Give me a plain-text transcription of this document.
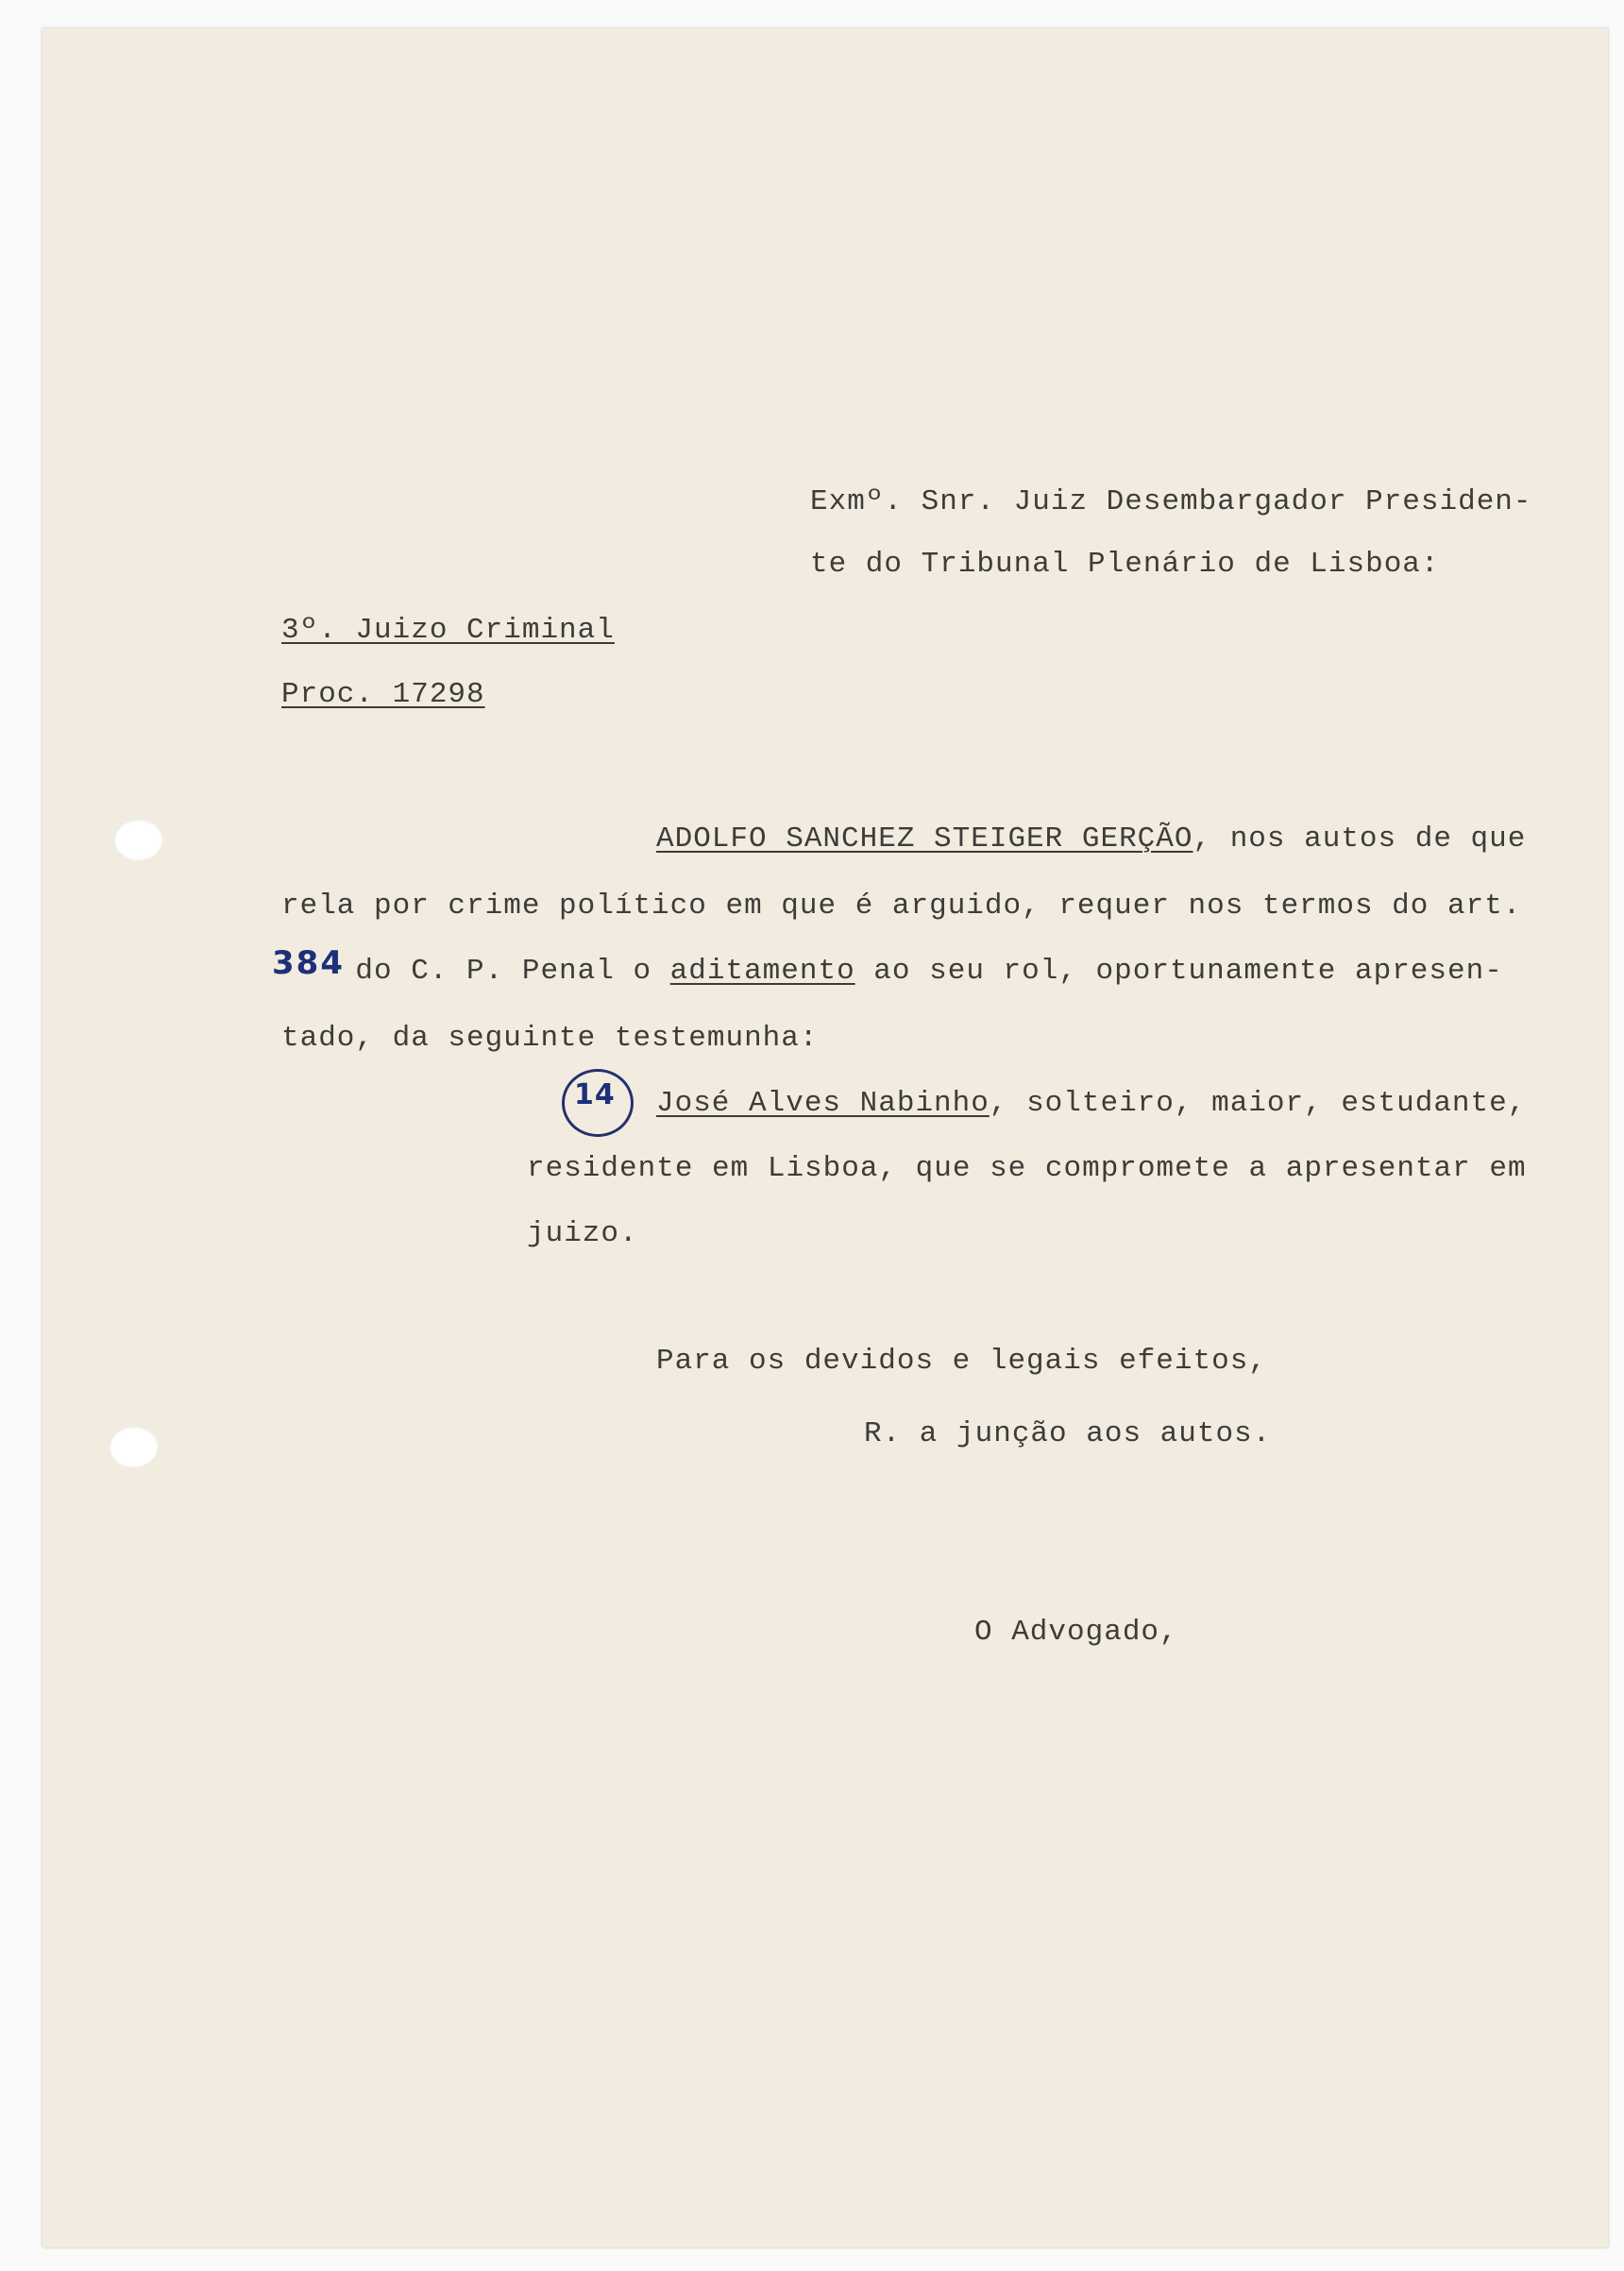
Exmº. Snr. Juiz Desembargador Presiden-
te do Tribunal Plenário de Lisboa:
3º. Juizo Criminal
Proc. 17298
ADOLFO SANCHEZ STEIGER GERÇÃO, nos autos de que
rela por crime político em que é arguido, requer nos termos do art.
do C. P. Penal o aditamento ao seu rol, oportunamente apresen-
384
tado, da seguinte testemunha:
14 José Alves Nabinho, solteiro, maior, estudante,
residente em Lisboa, que se compromete a apresentar em
juizo.
Para os devidos e legais efeitos,
R. a junção aos autos.
O Advogado,
